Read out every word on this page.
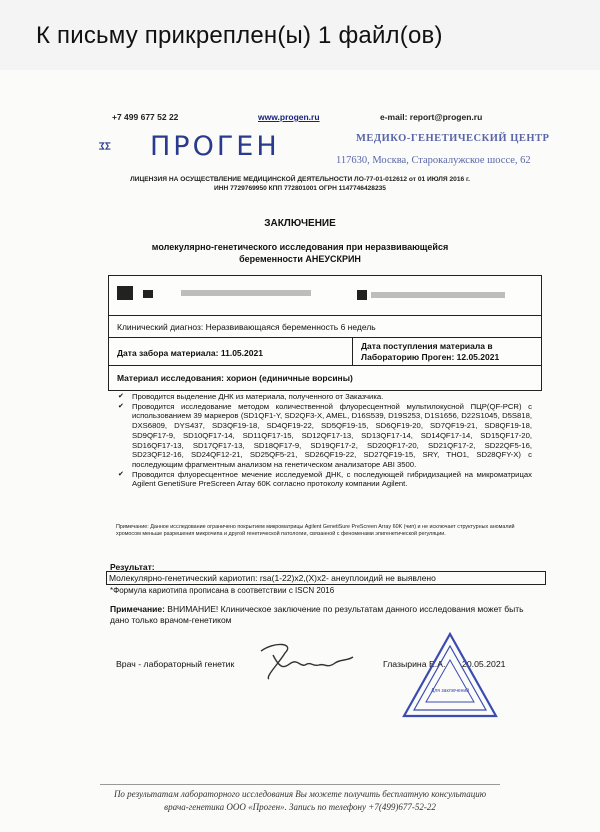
К письму прикреплен(ы) 1 файл(ов)
+7 499 677 52 22	www.progen.ru	e-mail: report@progen.ru
ПРОГЕН	МЕДИКО-ГЕНЕТИЧЕСКИЙ ЦЕНТР
117630, Москва, Старокалужское шоссе, 62
ЛИЦЕНЗИЯ НА ОСУЩЕСТВЛЕНИЕ МЕДИЦИНСКОЙ ДЕЯТЕЛЬНОСТИ ЛО-77-01-012612 от 01 ИЮЛЯ 2016 г.
ИНН 7729769950 КПП 772801001 ОГРН 1147746428235
ЗАКЛЮЧЕНИЕ
молекулярно-генетического исследования при неразвивающейся
беременности АНЕУСКРИН
Клинический диагноз: Неразвивающаяся беременность 6 недель
Дата забора материала: 11.05.2021
Дата поступления материала в
Лабораторию Проген: 12.05.2021
Материал исследования: хорион (единичные ворсины)
✔ Проводится выделение ДНК из материала, полученного от Заказчика.
✔ Проводится исследование методом количественной флуоресцентной мультилокусной ПЦР(QF-PCR) с использованием 39 маркеров (SD1QF1-Y, SD2QF3-X, AMEL, D16S539, D19S253, D1S1656, D22S1045, D5S818, DXS6809, DYS437, SD3QF19-18, SD4QF19-22, SD5QF19-15, SD6QF19-20, SD7QF19-21, SD8QF19-18, SD9QF17-9, SD10QF17-14, SD11QF17-15, SD12QF17-13, SD13QF17-14, SD14QF17-14, SD15QF17-20, SD16QF17-13, SD17QF17-13, SD18QF17-9, SD19QF17-2, SD20QF17-20, SD21QF17-2, SD22QF5-16, SD23QF12-16, SD24QF12-21, SD25QF5-21, SD26QF19-22, SD27QF19-15, SRY, THO1, SD28QFY-X) с последующим фрагментным анализом на генетическом анализаторе ABI 3500.
✔ Проводится флуоресцентное мечение исследуемой ДНК, с последующей гибридизацией на микроматрицах Agilent GenetiSure PreScreen Array 60K согласно протоколу компании Agilent.
Примечание: Данное исследование ограничено покрытием микроматрицы Agilent GenetiSure PreScreen Array 60K (чип) и не исключает структурных аномалий хромосом меньше разрешения микрочипа и другой генетической патологии, связанной с феноменами эпигенетической регуляции.
Результат:
Молекулярно-генетический кариотип: rsa(1-22)x2,(X)x2- анеуплоидий не выявлено
*Формула кариотипа прописана в соответствии с ISCN 2016
Примечание: ВНИМАНИЕ! Клиническое заключение по результатам данного исследования может быть дано только врачом-генетиком
Врач - лабораторный генетик	Глазырина Е.А. 20.05.2021
Для заключений
По результатам лабораторного исследования Вы можете получить бесплатную консультацию
врача-генетика ООО «Проген». Запись по телефону +7(499)677-52-22
